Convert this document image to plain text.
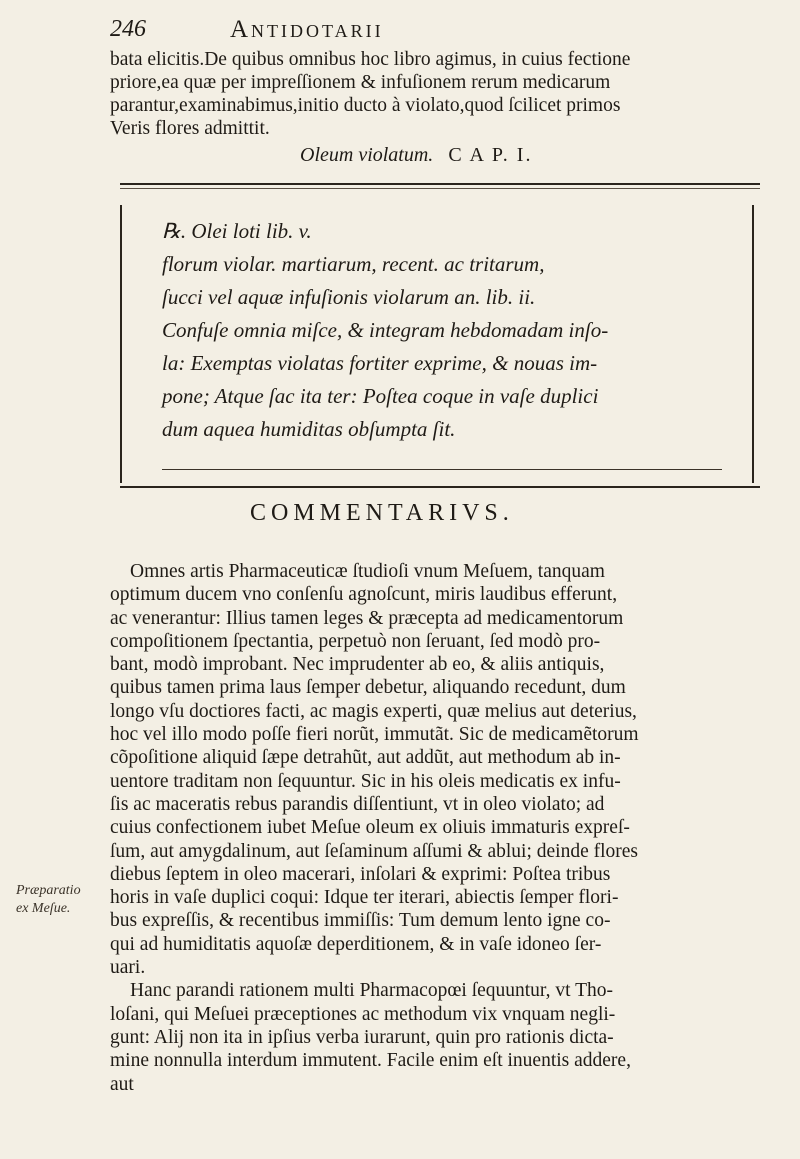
246	Antidotarii

bata elicitis.De quibus omnibus hoc libro agimus, in cuius fectione

priore,ea quæ per impreſſionem & infuſionem rerum medicarum

parantur,examinabimus,initio ducto à violato,quod ſcilicet primos

Veris flores admittit.

Oleum violatum. C A P. I.

℞. Olei loti lib. v.

florum violar. martiarum, recent. ac tritarum,

ſucci vel aquæ infuſionis violarum an. lib. ii.

Confuſe omnia miſce, & integram hebdomadam inſo-

la: Exemptas violatas fortiter exprime, & nouas im-

pone; Atque ſac ita ter: Poſtea coque in vaſe duplici

dum aquea humiditas obſumpta ſit.

COMMENTARIVS.

Omnes artis Pharmaceuticæ ſtudioſi vnum Meſuem, tanquam

optimum ducem vno conſenſu agnoſcunt, miris laudibus efferunt,

ac venerantur: Illius tamen leges & præcepta ad medicamentorum

compoſitionem ſpectantia, perpetuò non ſeruant, ſed modò pro-

bant, modò improbant. Nec imprudenter ab eo, & aliis antiquis,

quibus tamen prima laus ſemper debetur, aliquando recedunt, dum

longo vſu doctiores facti, ac magis experti, quæ melius aut deterius,

hoc vel illo modo poſſe fieri norũt, immutãt. Sic de medicamẽtorum

cõpoſitione aliquid ſæpe detrahũt, aut addũt, aut methodum ab in-

uentore traditam non ſequuntur. Sic in his oleis medicatis ex infu-

ſis ac maceratis rebus parandis diſſentiunt, vt in oleo violato; ad

cuius confectionem iubet Meſue oleum ex oliuis immaturis expreſ-

ſum, aut amygdalinum, aut ſeſaminum aſſumi & ablui; deinde flores

diebus ſeptem in oleo macerari, inſolari & exprimi: Poſtea tribus

horis in vaſe duplici coqui: Idque ter iterari, abiectis ſemper flori-

bus expreſſis, & recentibus immiſſis: Tum demum lento igne co-

qui ad humiditatis aquoſæ deperditionem, & in vaſe idoneo ſer-

uari.

Hanc parandi rationem multi Pharmacopœi ſequuntur, vt Tho-

loſani, qui Meſuei præceptiones ac methodum vix vnquam negli-

gunt: Alij non ita in ipſius verba iurarunt, quin pro rationis dicta-

mine nonnulla interdum immutent. Facile enim eſt inuentis addere,

aut

Præparatio ex Meſue.
